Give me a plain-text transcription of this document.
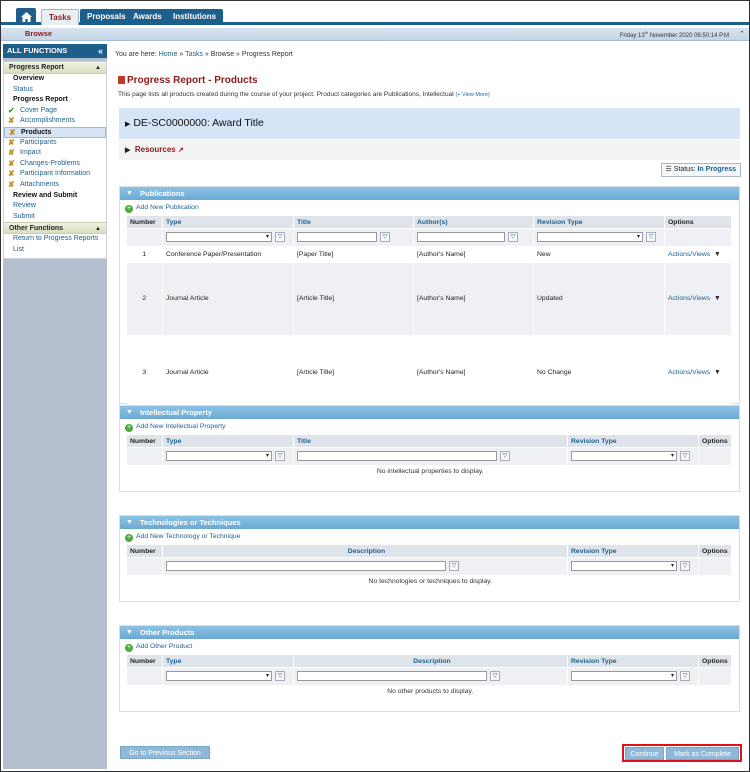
Tasks	Proposals Awards	Institutions
Browse	Friday 13th November 2020 09:50:14 P.M ⌃
ALL FUNCTIONS	«
Progress Report	▲
Overview
Status
Progress Report
✔ Cover Page
✘ Accomplishments
✘ Products
✘ Participants
✘ Impact
✘ Changes-Problems
✘ Participant Information
✘ Attachments
Review and Submit
Review
Submit
Other Functions	▲
Return to Progress Reports
List
You are here: Home » Tasks » Browse » Progress Report
Progress Report - Products
This page lists all products created during the course of your project. Product categories are Publications, Intellectual (+ View More)
▶ DE-SC0000000: Award Title
▶ Resources ↗
☰ Status: In Progress
▼ Publications
+ Add New Publication
Number	Type	Title	Author(s)	Revision Type	Options

	▾ ▽	▽	▽	▾ ▽	
1	Conference Paper/Presentation	[Paper Title]	[Author's Name]	New	Actions/Views ▼
2	Journal Article	[Article Title]	[Author's Name]	Updated	Actions/Views ▼
3	Journal Article	[Article Title]	[Author's Name]	No Change	Actions/Views ▼
▼ Intellectual Property
+ Add New Intellectual Property
Number	Type	Title	Revision Type	Options

	▾ ▽	▽	▾ ▽	
No intellectual properties to display.				
▼ Technologies or Techniques
+ Add New Technology or Technique
Number	Description	Revision Type	Options
	▽	▾ ▽	
No technologies or techniques to display.			
▼ Other Products
+ Add Other Product
Number	Type	Description	Revision Type	Options

	▾ ▽	▽	▾ ▽	
No other products to display.				
Go to Previous Section	Continue	Mark as Complete
